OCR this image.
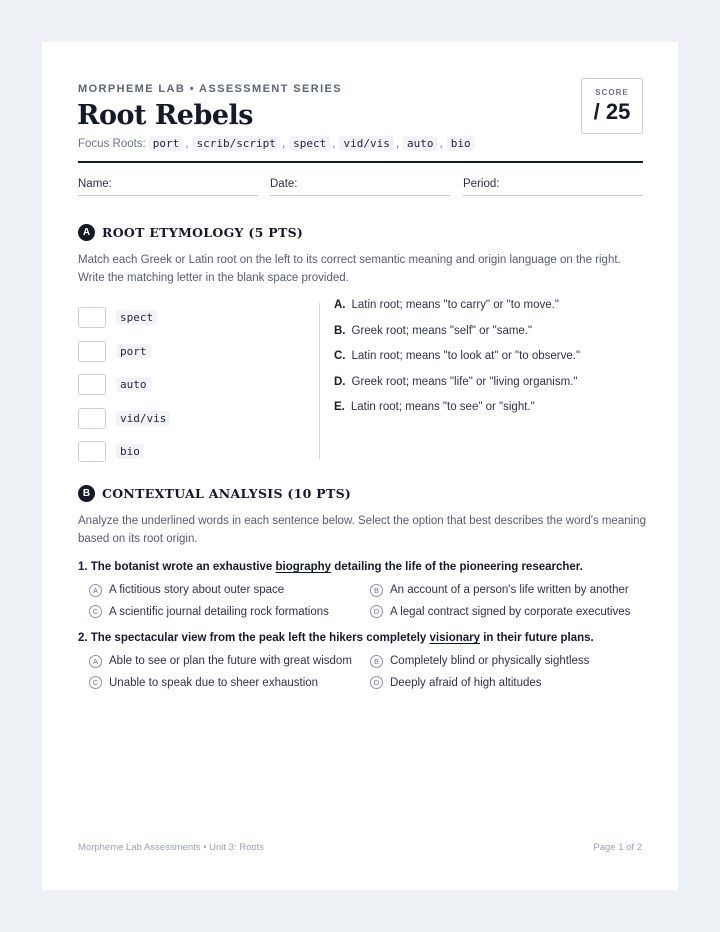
MORPHEME LAB • ASSESSMENT SERIES
Root Rebels
Focus Roots: port , scrib/script , spect , vid/vis , auto , bio
SCORE
/ 25
Name:	Date:	Period:
A ROOT ETYMOLOGY (5 PTS)
Match each Greek or Latin root on the left to its correct semantic meaning and origin language on the right. Write the matching letter in the blank space provided.
spect
port
auto
vid/vis
bio
A. Latin root; means "to carry" or "to move."
B. Greek root; means "self" or "same."
C. Latin root; means "to look at" or "to observe."
D. Greek root; means "life" or "living organism."
E. Latin root; means "to see" or "sight."
B CONTEXTUAL ANALYSIS (10 PTS)
Analyze the underlined words in each sentence below. Select the option that best describes the word's meaning based on its root origin.
1. The botanist wrote an exhaustive biography detailing the life of the pioneering researcher.
A A fictitious story about outer space	B An account of a person's life written by another
C A scientific journal detailing rock formations	D A legal contract signed by corporate executives
2. The spectacular view from the peak left the hikers completely visionary in their future plans.
A Able to see or plan the future with great wisdom	B Completely blind or physically sightless
C Unable to speak due to sheer exhaustion	D Deeply afraid of high altitudes
Morpheme Lab Assessments • Unit 3: Roots	Page 1 of 2
